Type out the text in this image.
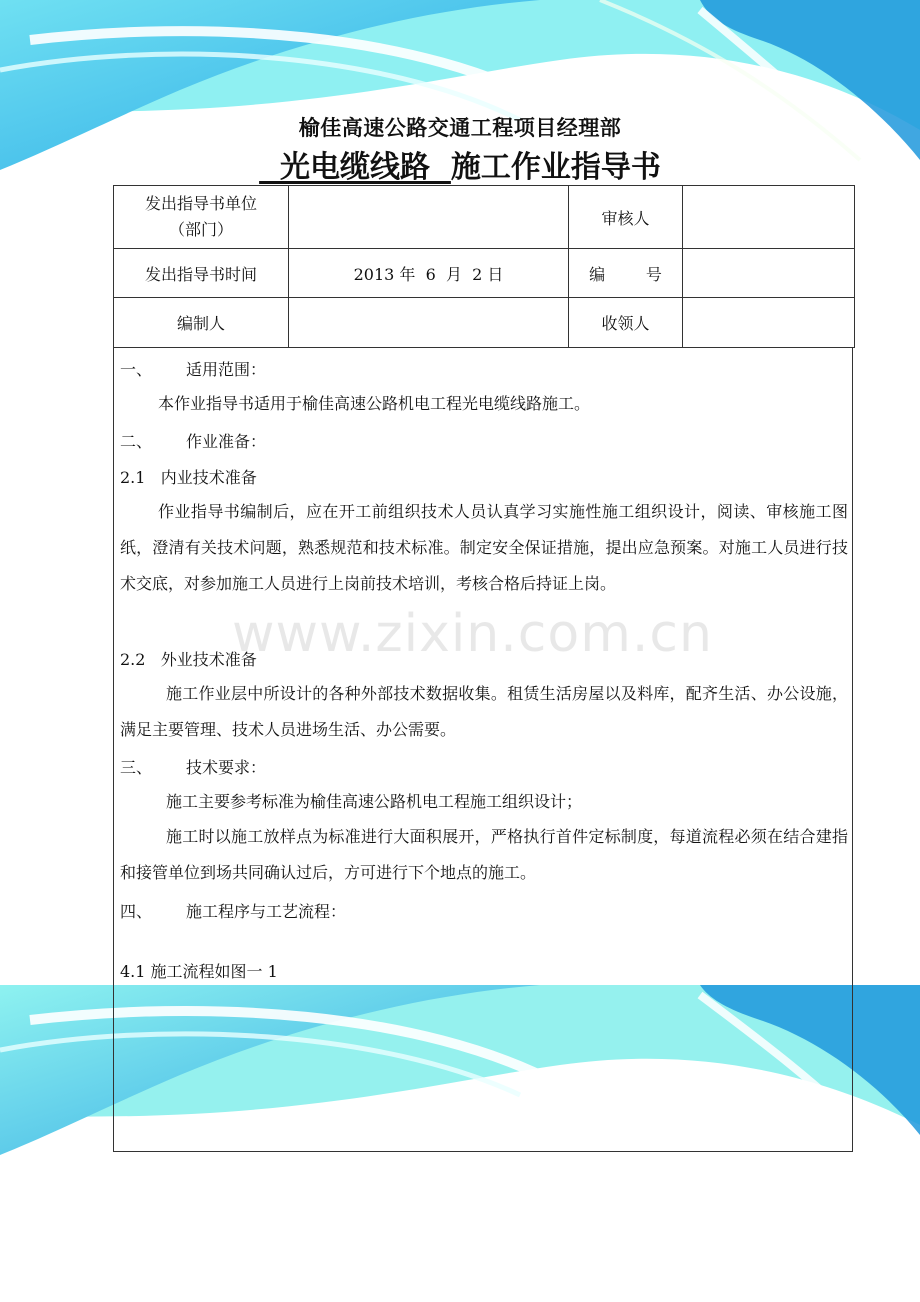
榆佳高速公路交通工程项目经理部
光电缆线路 施工作业指导书
发出指导书单位
（部门）		审核人	
发出指导书时间	2013 年  6  月  2 日	编        号	
编制人		收领人	
一、 适用范围：
本作业指导书适用于榆佳高速公路机电工程光电缆线路施工。
二、 作业准备：
2.1   内业技术准备
作业指导书编制后，应在开工前组织技术人员认真学习实施性施工组织设计，阅读、审核施工图纸，澄清有关技术问题，熟悉规范和技术标准。制定安全保证措施，提出应急预案。对施工人员进行技术交底，对参加施工人员进行上岗前技术培训，考核合格后持证上岗。
2.2   外业技术准备
施工作业层中所设计的各种外部技术数据收集。租赁生活房屋以及料库，配齐生活、办公设施，满足主要管理、技术人员进场生活、办公需要。
三、 技术要求：
施工主要参考标准为榆佳高速公路机电工程施工组织设计；
施工时以施工放样点为标准进行大面积展开，严格执行首件定标制度，每道流程必须在结合建指和接管单位到场共同确认过后，方可进行下个地点的施工。
四、 施工程序与工艺流程：
4.1 施工流程如图一 1
www.zixin.com.cn
